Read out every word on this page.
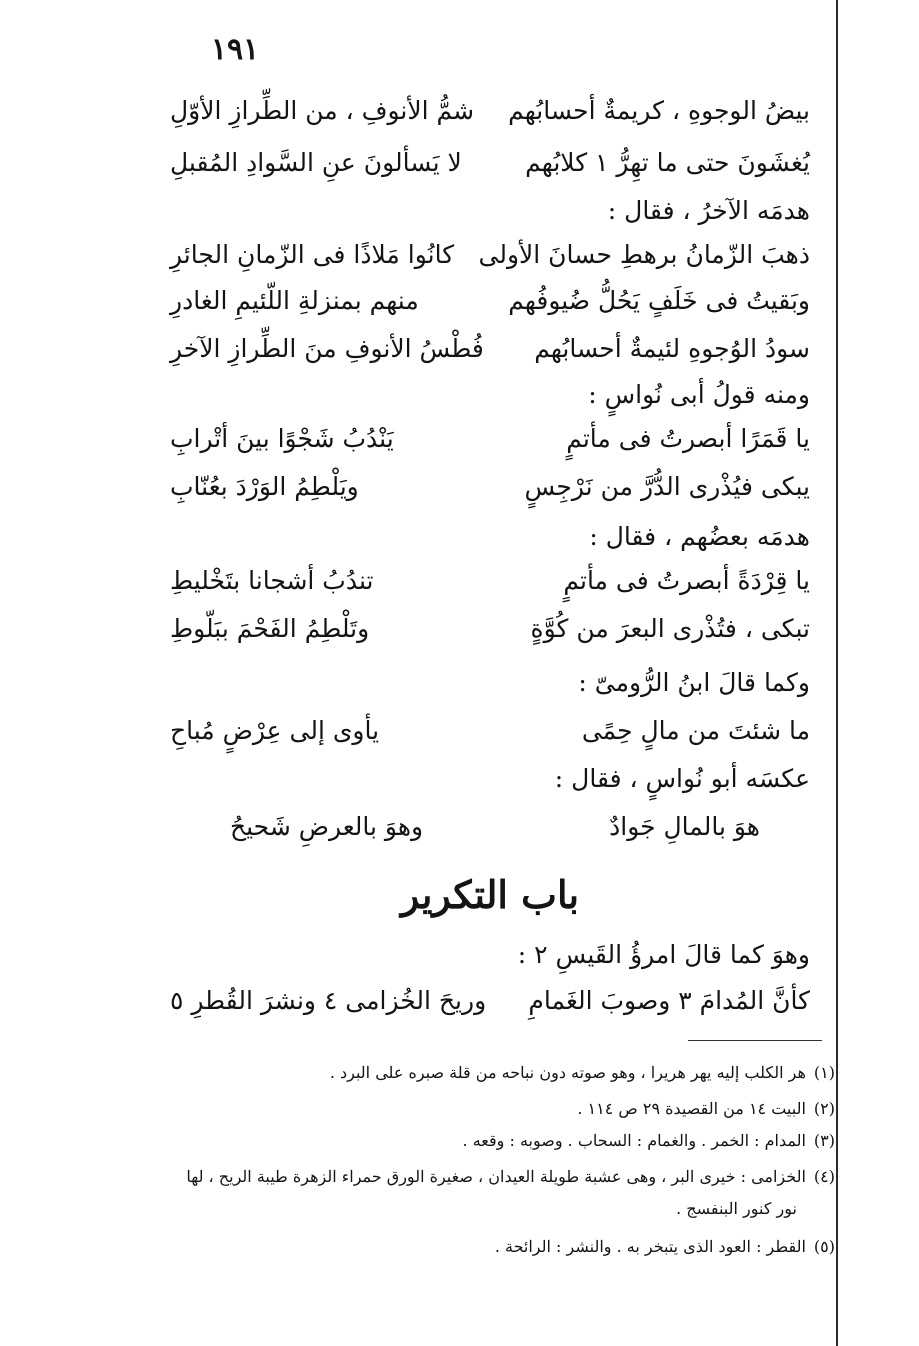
١٩١
بيضُ الوجوهِ ، كريمةٌ أحسابُهم
شمُّ الأنوفِ ، من الطِّرازِ الأوّلِ
يُغشَونَ حتى ما تهِرُّ ١ كلابُهم
لا يَسألونَ عنِ السَّوادِ المُقبلِ
هدمَه الآخرُ ، فقال :
ذهبَ الزّمانُ برهطِ حسانَ الأولى
كانُوا مَلاذًا فى الزّمانِ الجائرِ
وبَقيتُ فى خَلَفٍ يَحُلُّ ضُيوفُهم
منهم بمنزلةِ اللّئيمِ الغادرِ
سودُ الوُجوهِ لئيمةٌ أحسابُهم
فُطْسُ الأنوفِ منَ الطِّرازِ الآخرِ
ومنه قولُ أبى نُواسٍ :
يا قَمَرًا أبصرتُ فى مأتمٍ
يَنْدُبُ شَجْوًا بينَ أتْرابِ
يبكى فيُذْرى الدُّرَّ من نَرْجِسٍ
ويَلْطِمُ الوَرْدَ بعُنّابِ
هدمَه بعضُهم ، فقال :
يا قِرْدَةً أبصرتُ فى مأتمٍ
تندُبُ أشجانا بتَخْليطِ
تبكى ، فتُذْرى البعرَ من كُوَّةٍ
وتَلْطِمُ الفَحْمَ ببَلّوطِ
وكما قالَ ابنُ الرُّومىّ :
ما شئتَ من مالٍ حِمًى
يأوى إلى عِرْضٍ مُباحِ
عكسَه أبو نُواسٍ ، فقال :
هوَ بالمالِ جَوادٌ
وهوَ بالعرضِ شَحيحُ
باب التكرير
وهوَ كما قالَ امرؤُ القَيسِ ٢ :
كأنَّ المُدامَ ٣ وصوبَ الغَمامِ
وريحَ الخُزامى ٤ ونشرَ القُطرِ ٥
(١)هر الكلب إليه يهر هريرا ، وهو صوته دون نباحه من قلة صبره على البرد .
(٢)البيت ١٤ من القصيدة ٢٩ ص ١١٤ .
(٣)المدام : الخمر . والغمام : السحاب . وصوبه : وقعه .
(٤)الخزامى : خيرى البر ، وهى عشبة طويلة العيدان ، صغيرة الورق حمراء الزهرة طيبة الريح ، لها
نور كنور البنفسج .
(٥)القطر : العود الذى يتبخر به . والنشر : الرائحة .
